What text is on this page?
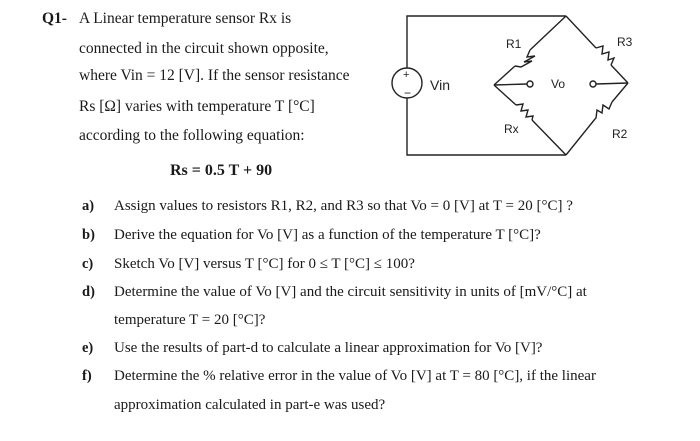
Q1- A Linear temperature sensor Rx is
connected in the circuit shown opposite,
where Vin = 12 [V]. If the sensor resistance
Rs [Ω] varies with temperature T [°C]
according to the following equation:
Rs = 0.5 T + 90
+
− Vin
R1	R3
Rx	R2
Vo
a) Assign values to resistors R1, R2, and R3 so that Vo = 0 [V] at T = 20 [°C] ?
b) Derive the equation for Vo [V] as a function of the temperature T [°C]?
c) Sketch Vo [V] versus T [°C] for 0 ≤ T [°C] ≤ 100?
d) Determine the value of Vo [V] and the circuit sensitivity in units of [mV/°C] at
temperature T = 20 [°C]?
e) Use the results of part-d to calculate a linear approximation for Vo [V]?
f) Determine the % relative error in the value of Vo [V] at T = 80 [°C], if the linear
approximation calculated in part-e was used?
